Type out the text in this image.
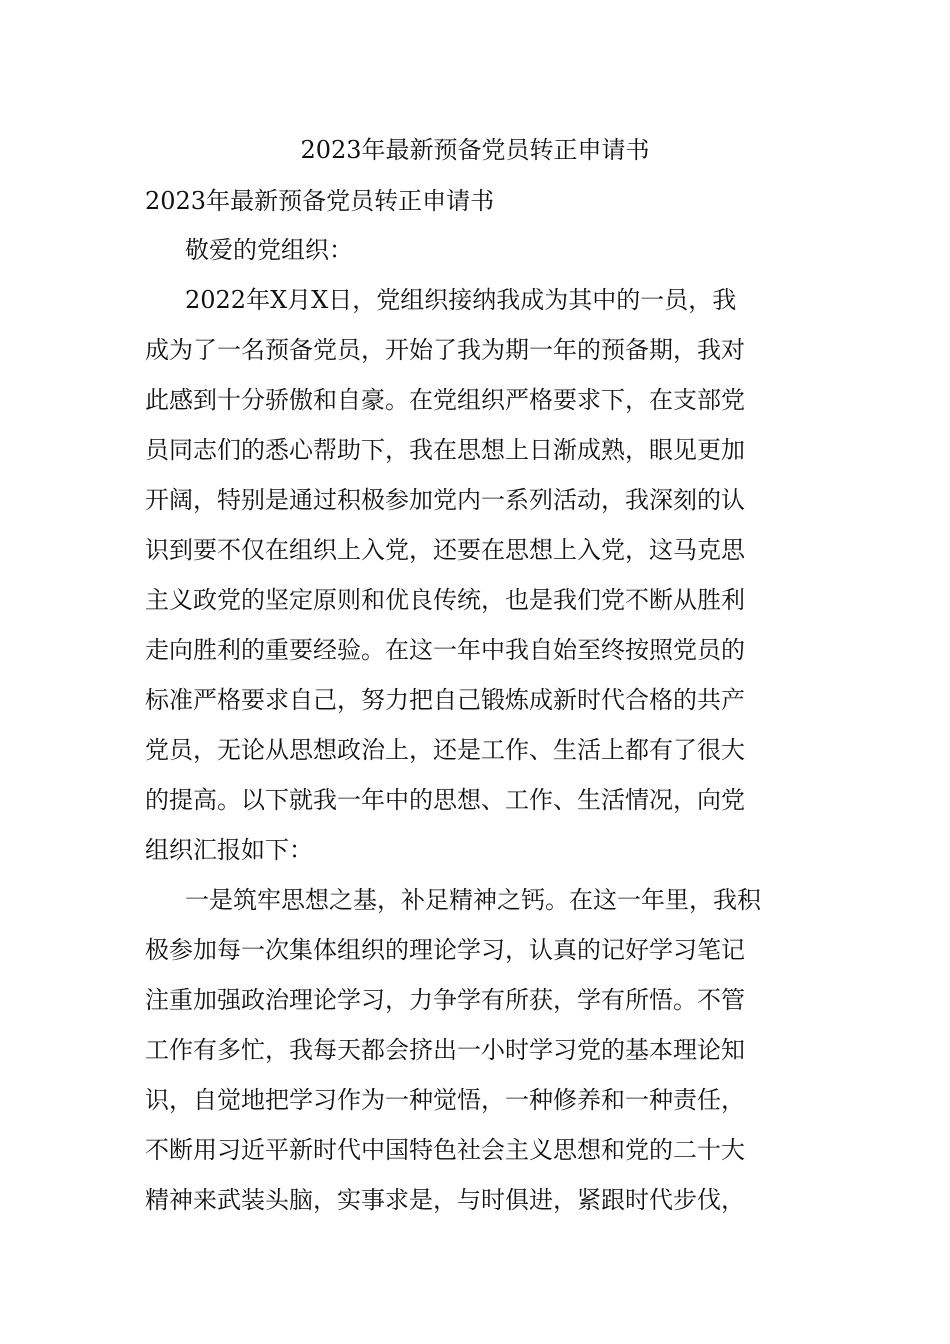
2023年最新预备党员转正申请书
2023年最新预备党员转正申请书
敬爱的党组织：
2022年X月X日，党组织接纳我成为其中的一员，我
成为了一名预备党员，开始了我为期一年的预备期，我对
此感到十分骄傲和自豪。在党组织严格要求下，在支部党
员同志们的悉心帮助下，我在思想上日渐成熟，眼见更加
开阔，特别是通过积极参加党内一系列活动，我深刻的认
识到要不仅在组织上入党，还要在思想上入党，这马克思
主义政党的坚定原则和优良传统，也是我们党不断从胜利
走向胜利的重要经验。在这一年中我自始至终按照党员的
标准严格要求自己，努力把自己锻炼成新时代合格的共产
党员，无论从思想政治上，还是工作、生活上都有了很大
的提高。以下就我一年中的思想、工作、生活情况，向党
组织汇报如下：
一是筑牢思想之基，补足精神之钙。在这一年里，我积
极参加每一次集体组织的理论学习，认真的记好学习笔记
注重加强政治理论学习，力争学有所获，学有所悟。不管
工作有多忙，我每天都会挤出一小时学习党的基本理论知
识，自觉地把学习作为一种觉悟，一种修养和一种责任，
不断用习近平新时代中国特色社会主义思想和党的二十大
精神来武装头脑，实事求是，与时俱进，紧跟时代步伐，
